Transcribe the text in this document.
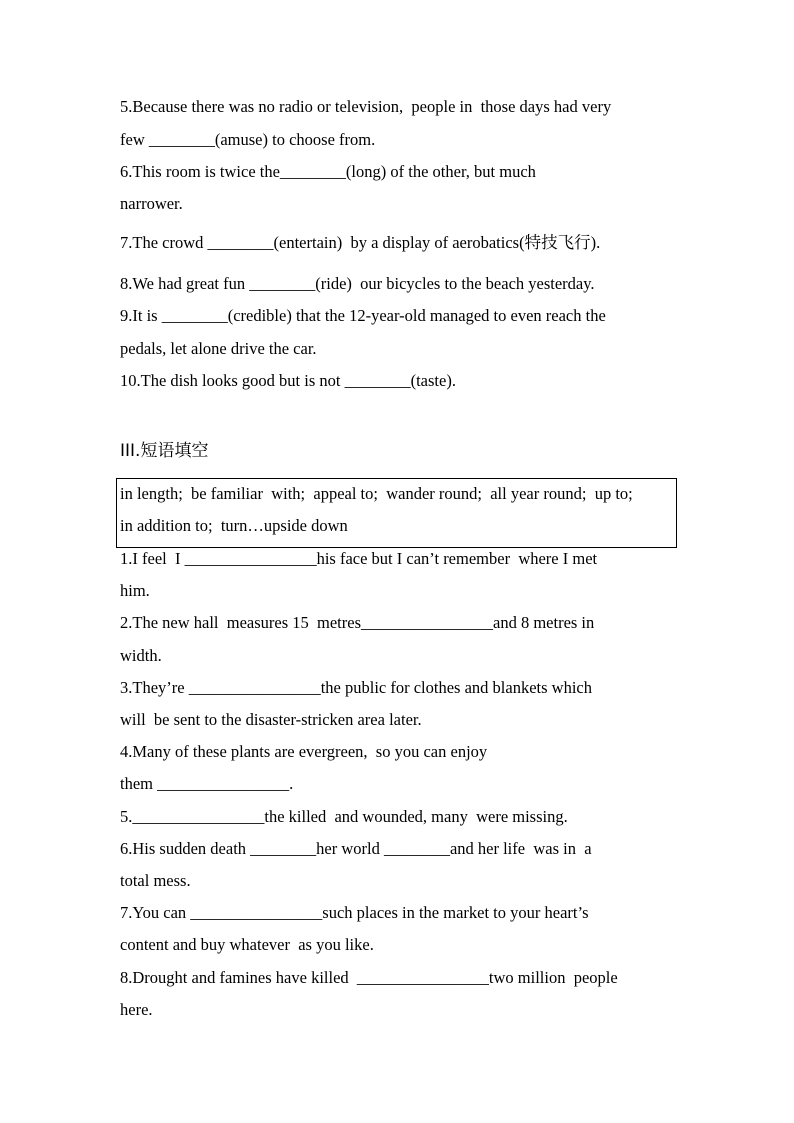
5.Because there was no radio or television,  people in  those days had very
few ________(amuse) to choose from.
6.This room is twice the________(long) of the other, but much
narrower.
7.The crowd ________(entertain)  by a display of aerobatics(特技飞行).
8.We had great fun ________(ride)  our bicycles to the beach yesterday.
9.It is ________(credible) that the 12-year-old managed to even reach the
pedals, let alone drive the car.
10.The dish looks good but is not ________(taste).
III.短语填空
in length;  be familiar  with;  appeal to;  wander round;  all year round;  up to;
in addition to;  turn…upside down
1.I feel  I ________________his face but I can’t remember  where I met
him.
2.The new hall  measures 15  metres________________and 8 metres in
width.
3.They’re ________________the public for clothes and blankets which
will  be sent to the disaster-stricken area later.
4.Many of these plants are evergreen,  so you can enjoy
them ________________.
5.________________the killed  and wounded, many  were missing.
6.His sudden death ________her world ________and her life  was in  a
total mess.
7.You can ________________such places in the market to your heart’s
content and buy whatever  as you like.
8.Drought and famines have killed  ________________two million  people
here.
